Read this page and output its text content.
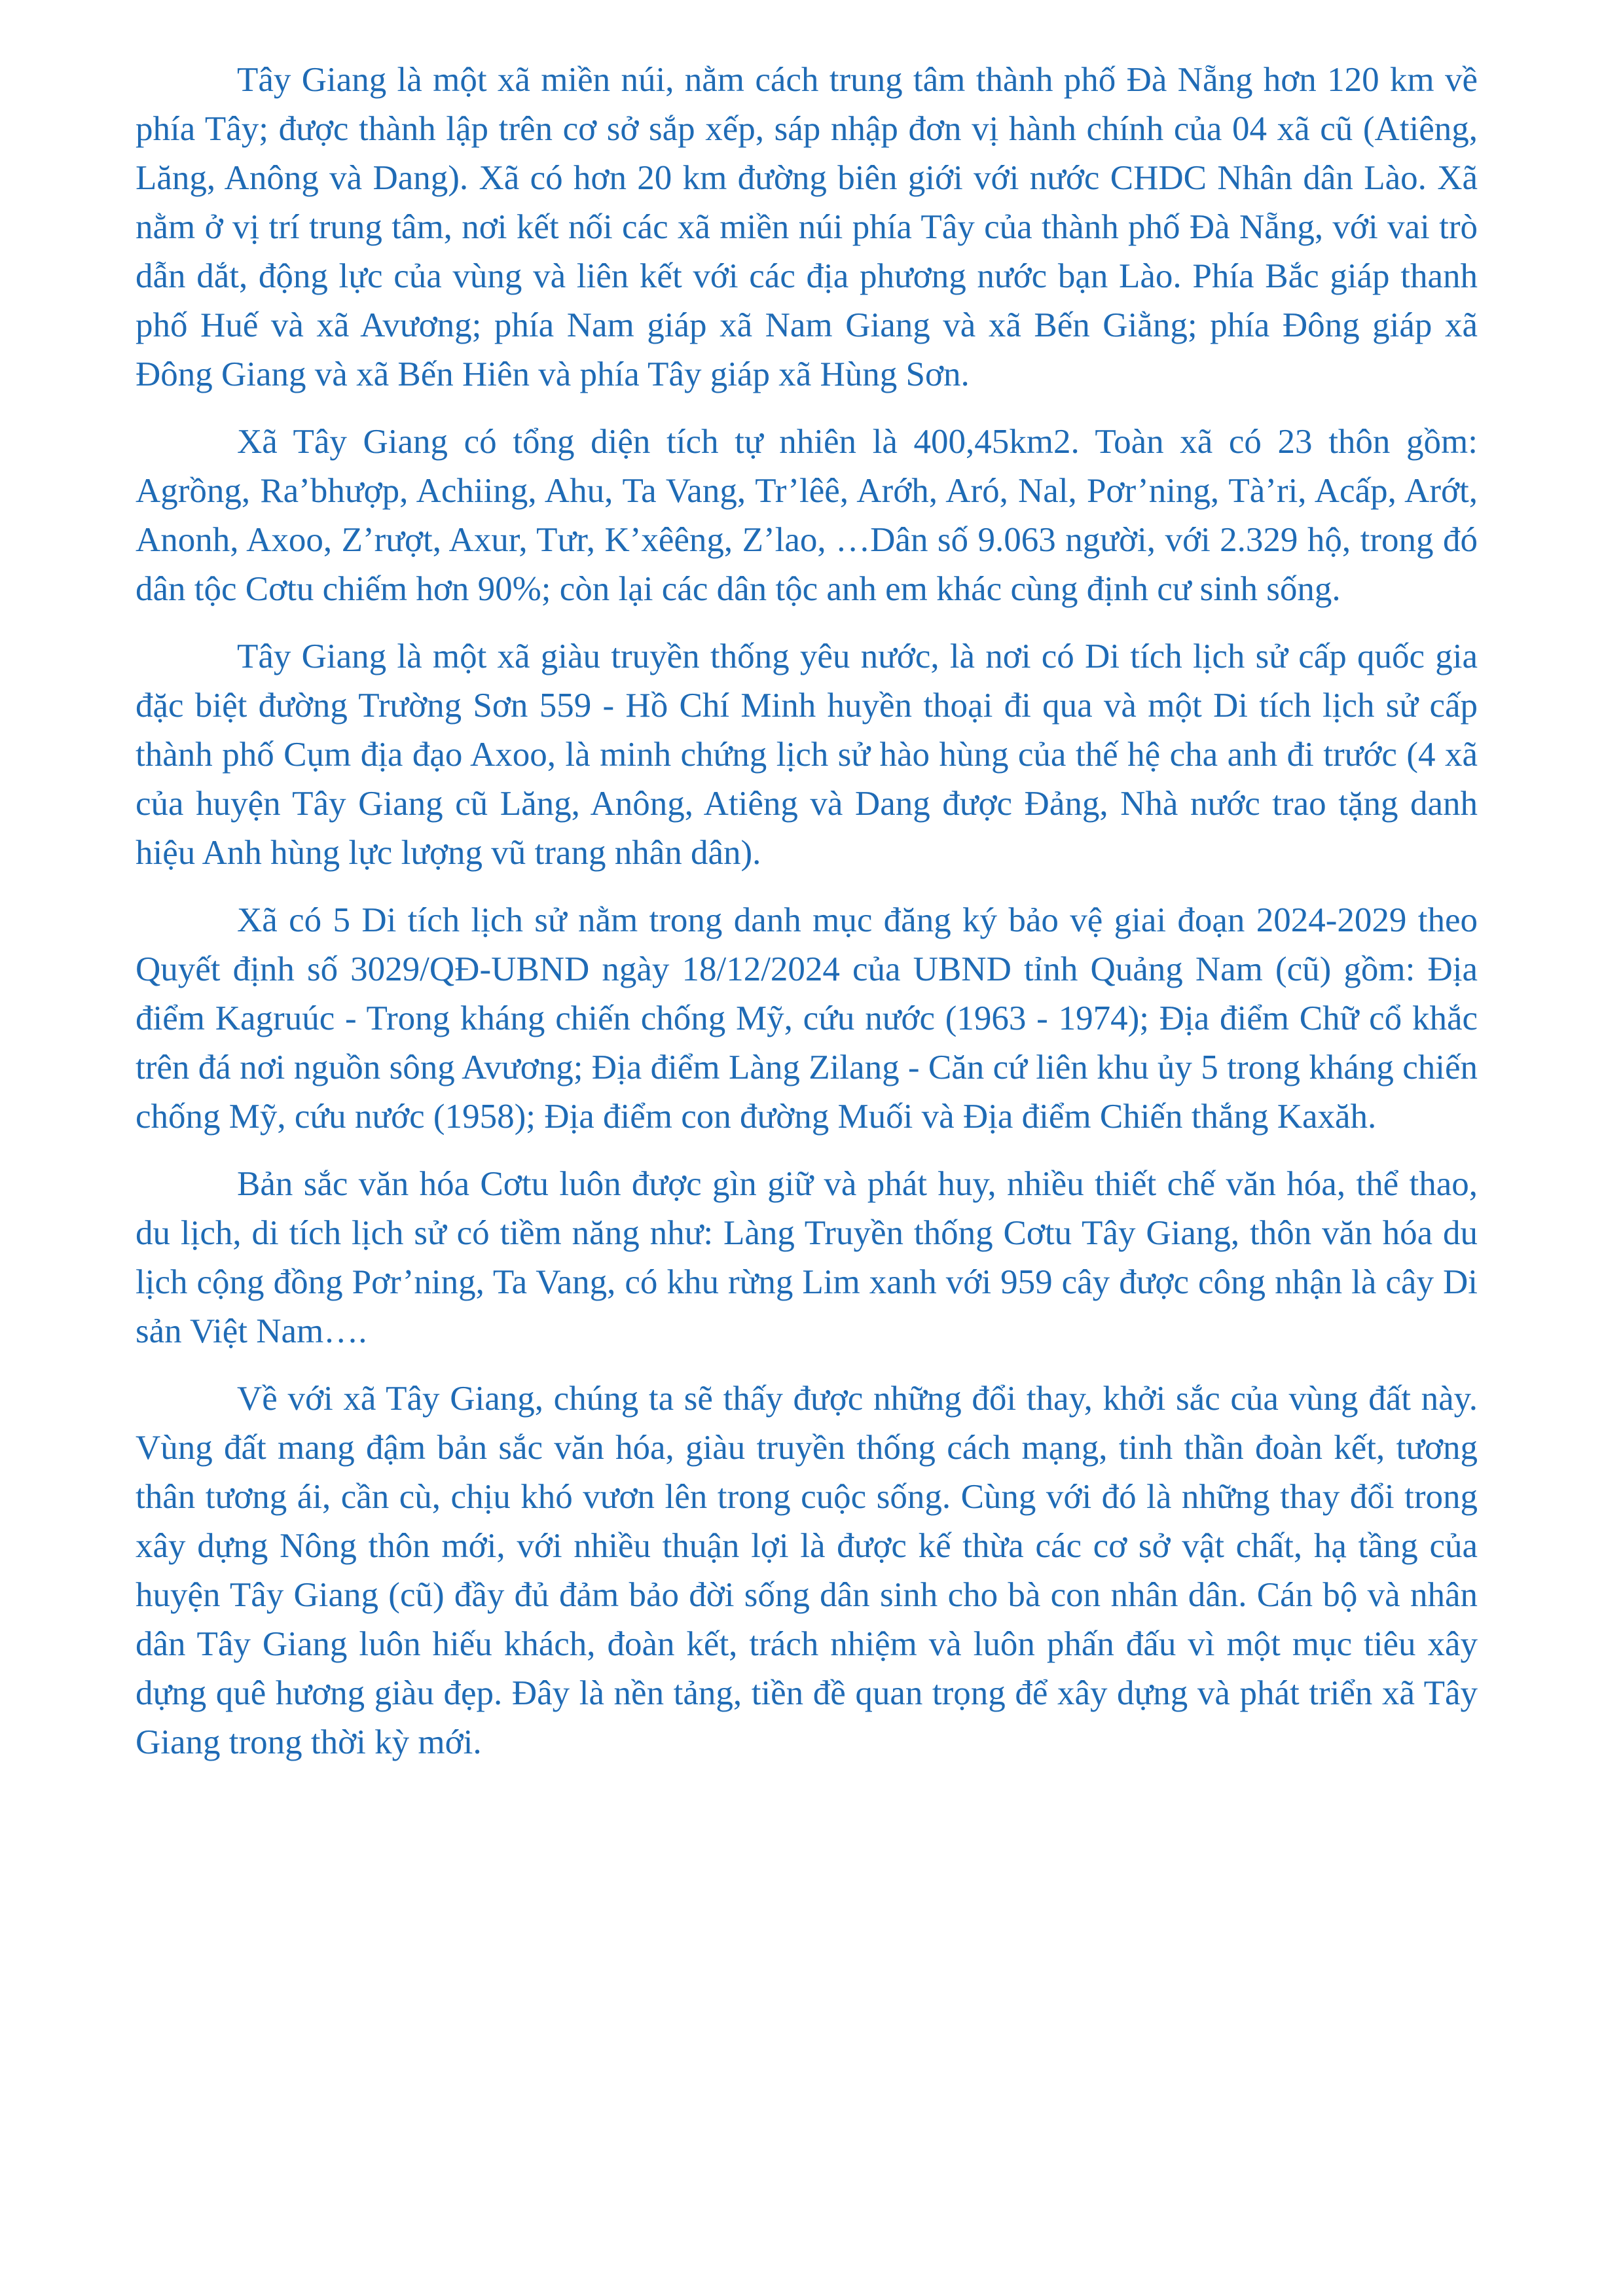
Tây Giang là một xã miền núi, nằm cách trung tâm thành phố Đà Nẵng hơn 120 km về phía Tây; được thành lập trên cơ sở sắp xếp, sáp nhập đơn vị hành chính của 04 xã cũ (Atiêng, Lăng, Anông và Dang). Xã có hơn 20 km đường biên giới với nước CHDC Nhân dân Lào. Xã nằm ở vị trí trung tâm, nơi kết nối các xã miền núi phía Tây của thành phố Đà Nẵng, với vai trò dẫn dắt, động lực của vùng và liên kết với các địa phương nước bạn Lào. Phía Bắc giáp thanh phố Huế và xã Avương; phía Nam giáp xã Nam Giang và xã Bến Giằng; phía Đông giáp xã Đông Giang và xã Bến Hiên và phía Tây giáp xã Hùng Sơn.

Xã Tây Giang có tổng diện tích tự nhiên là 400,45km2. Toàn xã có 23 thôn gồm: Agrồng, Ra’bhượp, Achiing, Ahu, Ta Vang, Tr’lêê, Arớh, Aró, Nal, Pơr’ning, Tà’ri, Acấp, Arớt, Anonh, Axoo, Z’rượt, Axur, Tưr, K’xêêng, Z’lao, …Dân số 9.063 người, với 2.329 hộ, trong đó dân tộc Cơtu chiếm hơn 90%; còn lại các dân tộc anh em khác cùng định cư sinh sống.

Tây Giang là một xã giàu truyền thống yêu nước, là nơi có Di tích lịch sử cấp quốc gia đặc biệt đường Trường Sơn 559 - Hồ Chí Minh huyền thoại đi qua và một Di tích lịch sử cấp thành phố Cụm địa đạo Axoo, là minh chứng lịch sử hào hùng của thế hệ cha anh đi trước (4 xã của huyện Tây Giang cũ Lăng, Anông, Atiêng và Dang được Đảng, Nhà nước trao tặng danh hiệu Anh hùng lực lượng vũ trang nhân dân).

Xã có 5 Di tích lịch sử nằm trong danh mục đăng ký bảo vệ giai đoạn 2024-2029 theo Quyết định số 3029/QĐ-UBND ngày 18/12/2024 của UBND tỉnh Quảng Nam (cũ) gồm: Địa điểm Kagruúc - Trong kháng chiến chống Mỹ, cứu nước (1963 - 1974); Địa điểm Chữ cổ khắc trên đá nơi nguồn sông Avương; Địa điểm Làng Zilang - Căn cứ liên khu ủy 5 trong kháng chiến chống Mỹ, cứu nước (1958); Địa điểm con đường Muối và Địa điểm Chiến thắng Kaxăh.

Bản sắc văn hóa Cơtu luôn được gìn giữ và phát huy, nhiều thiết chế văn hóa, thể thao, du lịch, di tích lịch sử có tiềm năng như: Làng Truyền thống Cơtu Tây Giang, thôn văn hóa du lịch cộng đồng Pơr’ning, Ta Vang, có khu rừng Lim xanh với 959 cây được công nhận là cây Di sản Việt Nam….

Về với xã Tây Giang, chúng ta sẽ thấy được những đổi thay, khởi sắc của vùng đất này. Vùng đất mang đậm bản sắc văn hóa, giàu truyền thống cách mạng, tinh thần đoàn kết, tương thân tương ái, cần cù, chịu khó vươn lên trong cuộc sống. Cùng với đó là những thay đổi trong xây dựng Nông thôn mới, với nhiều thuận lợi là được kế thừa các cơ sở vật chất, hạ tầng của huyện Tây Giang (cũ) đầy đủ đảm bảo đời sống dân sinh cho bà con nhân dân. Cán bộ và nhân dân Tây Giang luôn hiếu khách, đoàn kết, trách nhiệm và luôn phấn đấu vì một mục tiêu xây dựng quê hương giàu đẹp. Đây là nền tảng, tiền đề quan trọng để xây dựng và phát triển xã Tây Giang trong thời kỳ mới.
